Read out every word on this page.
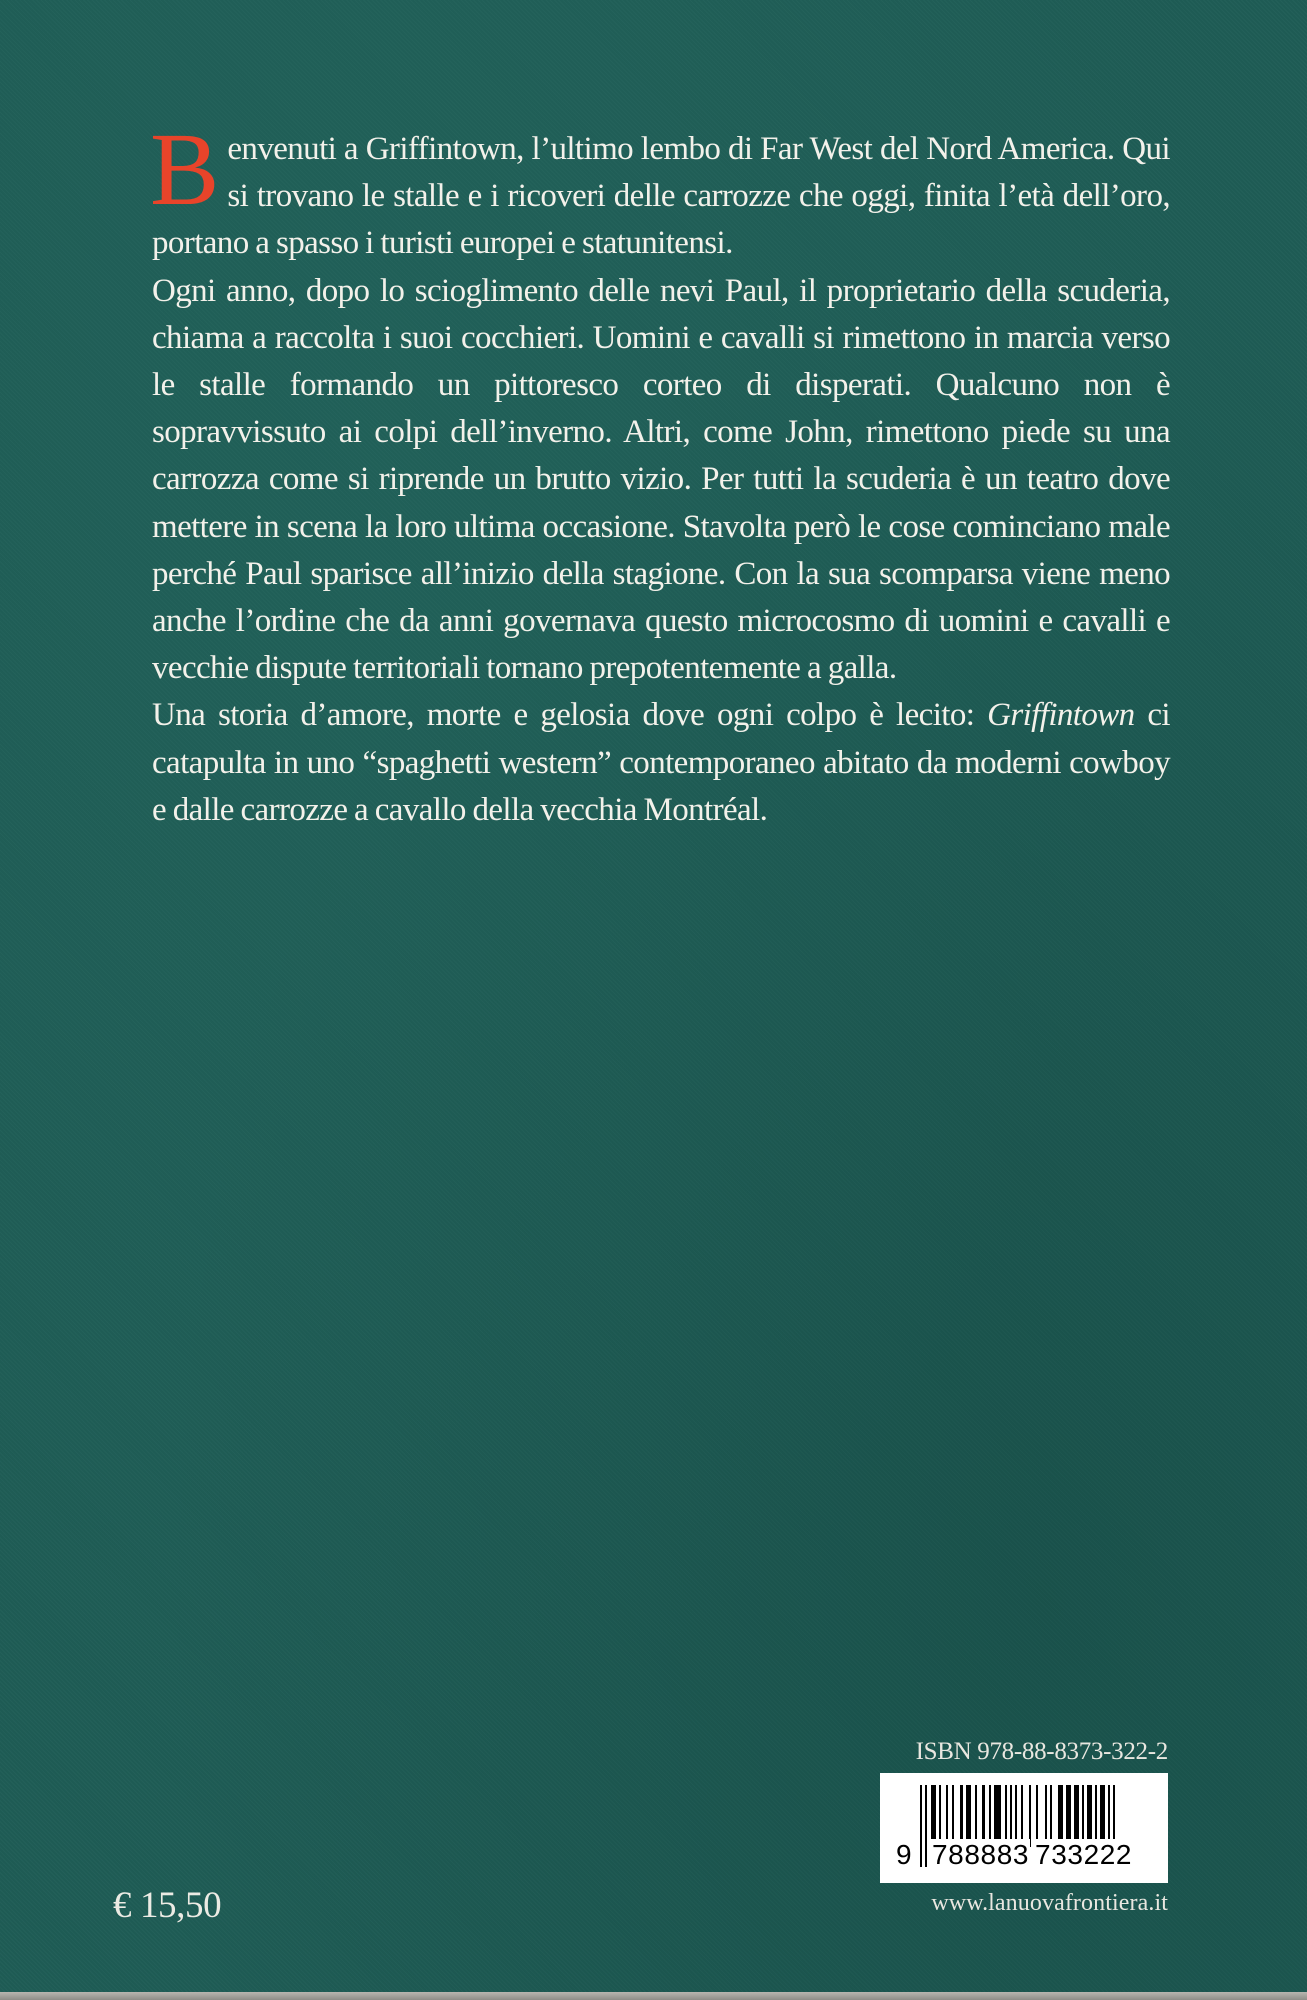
Benvenuti a Griffintown, l’ultimo lembo di Far West del Nord America. Qui si trovano le stalle e i ricoveri delle carrozze che oggi, finita l’età dell’oro, portano a spasso i turisti europei e statunitensi.

Ogni anno, dopo lo scioglimento delle nevi Paul, il proprietario della scuderia, chiama a raccolta i suoi cocchieri. Uomini e cavalli si rimettono in marcia verso le stalle formando un pittoresco corteo di disperati. Qualcuno non è sopravvissuto ai colpi dell’inverno. Altri, come John, rimettono piede su una carrozza come si riprende un brutto vizio. Per tutti la scuderia è un teatro dove mettere in scena la loro ultima occasione. Stavolta però le cose cominciano male perché Paul sparisce all’inizio della stagione. Con la sua scomparsa viene meno anche l’ordine che da anni governava questo microcosmo di uomini e cavalli e vecchie dispute territoriali tornano prepotentemente a galla.

Una storia d’amore, morte e gelosia dove ogni colpo è lecito: Griffintown ci catapulta in uno “spaghetti western” contemporaneo abitato da moderni cowboy e dalle carrozze a cavallo della vecchia Montréal.

ISBN 978-88-8373-322-2
9 788883 733222
www.lanuovafrontiera.it
€ 15,50
